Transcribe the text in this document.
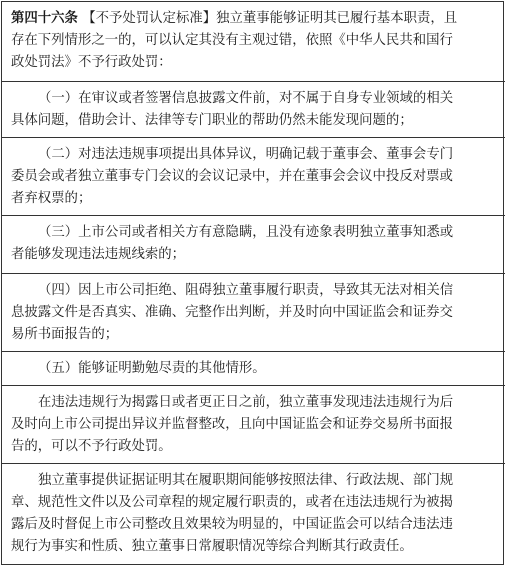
第四十六条 【不予处罚认定标准】独立董事能够证明其已履行基本职责，且
存在下列情形之一的，可以认定其没有主观过错，依照《中华人民共和国行
政处罚法》不予行政处罚：
（一）在审议或者签署信息披露文件前，对不属于自身专业领域的相关
具体问题，借助会计、法律等专门职业的帮助仍然未能发现问题的；
（二）对违法违规事项提出具体异议，明确记载于董事会、董事会专门
委员会或者独立董事专门会议的会议记录中，并在董事会会议中投反对票或
者弃权票的；
（三）上市公司或者相关方有意隐瞒，且没有迹象表明独立董事知悉或
者能够发现违法违规线索的；
（四）因上市公司拒绝、阻碍独立董事履行职责，导致其无法对相关信
息披露文件是否真实、准确、完整作出判断，并及时向中国证监会和证券交
易所书面报告的；
（五）能够证明勤勉尽责的其他情形。
在违法违规行为揭露日或者更正日之前，独立董事发现违法违规行为后
及时向上市公司提出异议并监督整改，且向中国证监会和证券交易所书面报
告的，可以不予行政处罚。
独立董事提供证据证明其在履职期间能够按照法律、行政法规、部门规
章、规范性文件以及公司章程的规定履行职责的，或者在违法违规行为被揭
露后及时督促上市公司整改且效果较为明显的，中国证监会可以结合违法违
规行为事实和性质、独立董事日常履职情况等综合判断其行政责任。
